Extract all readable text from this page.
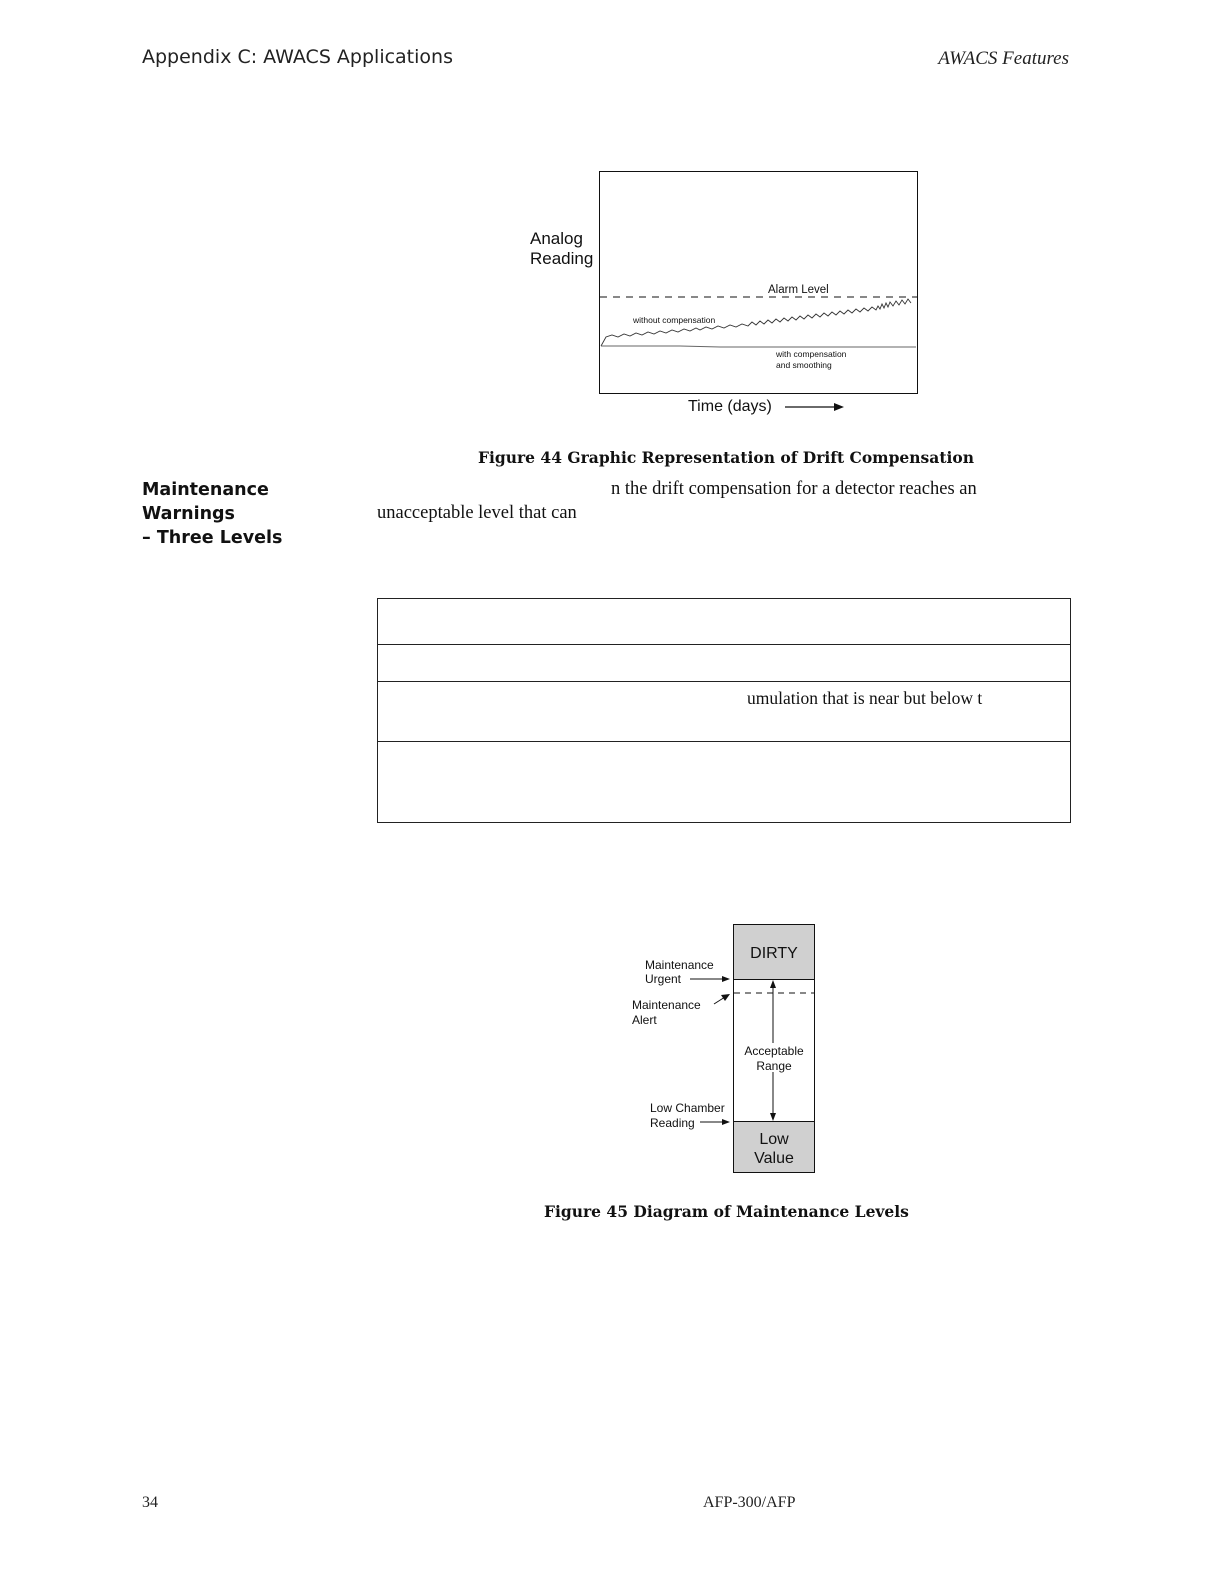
Appendix C: AWACS Applications	AWACS Features
Analog
Reading
Alarm Level
without compensation
with compensation
and smoothing
Time (days)
Figure 44 Graphic Representation of Drift Compensation
Maintenance Warnings
– Three Levels
n the drift compensation for a detector reaches an
unacceptable level that can
umulation that is near but below t
DIRTY
Low
Value
Acceptable
Range
Maintenance
Urgent
Maintenance
Alert
Low Chamber
Reading
Figure 45 Diagram of Maintenance Levels
34	AFP-300/AFP
